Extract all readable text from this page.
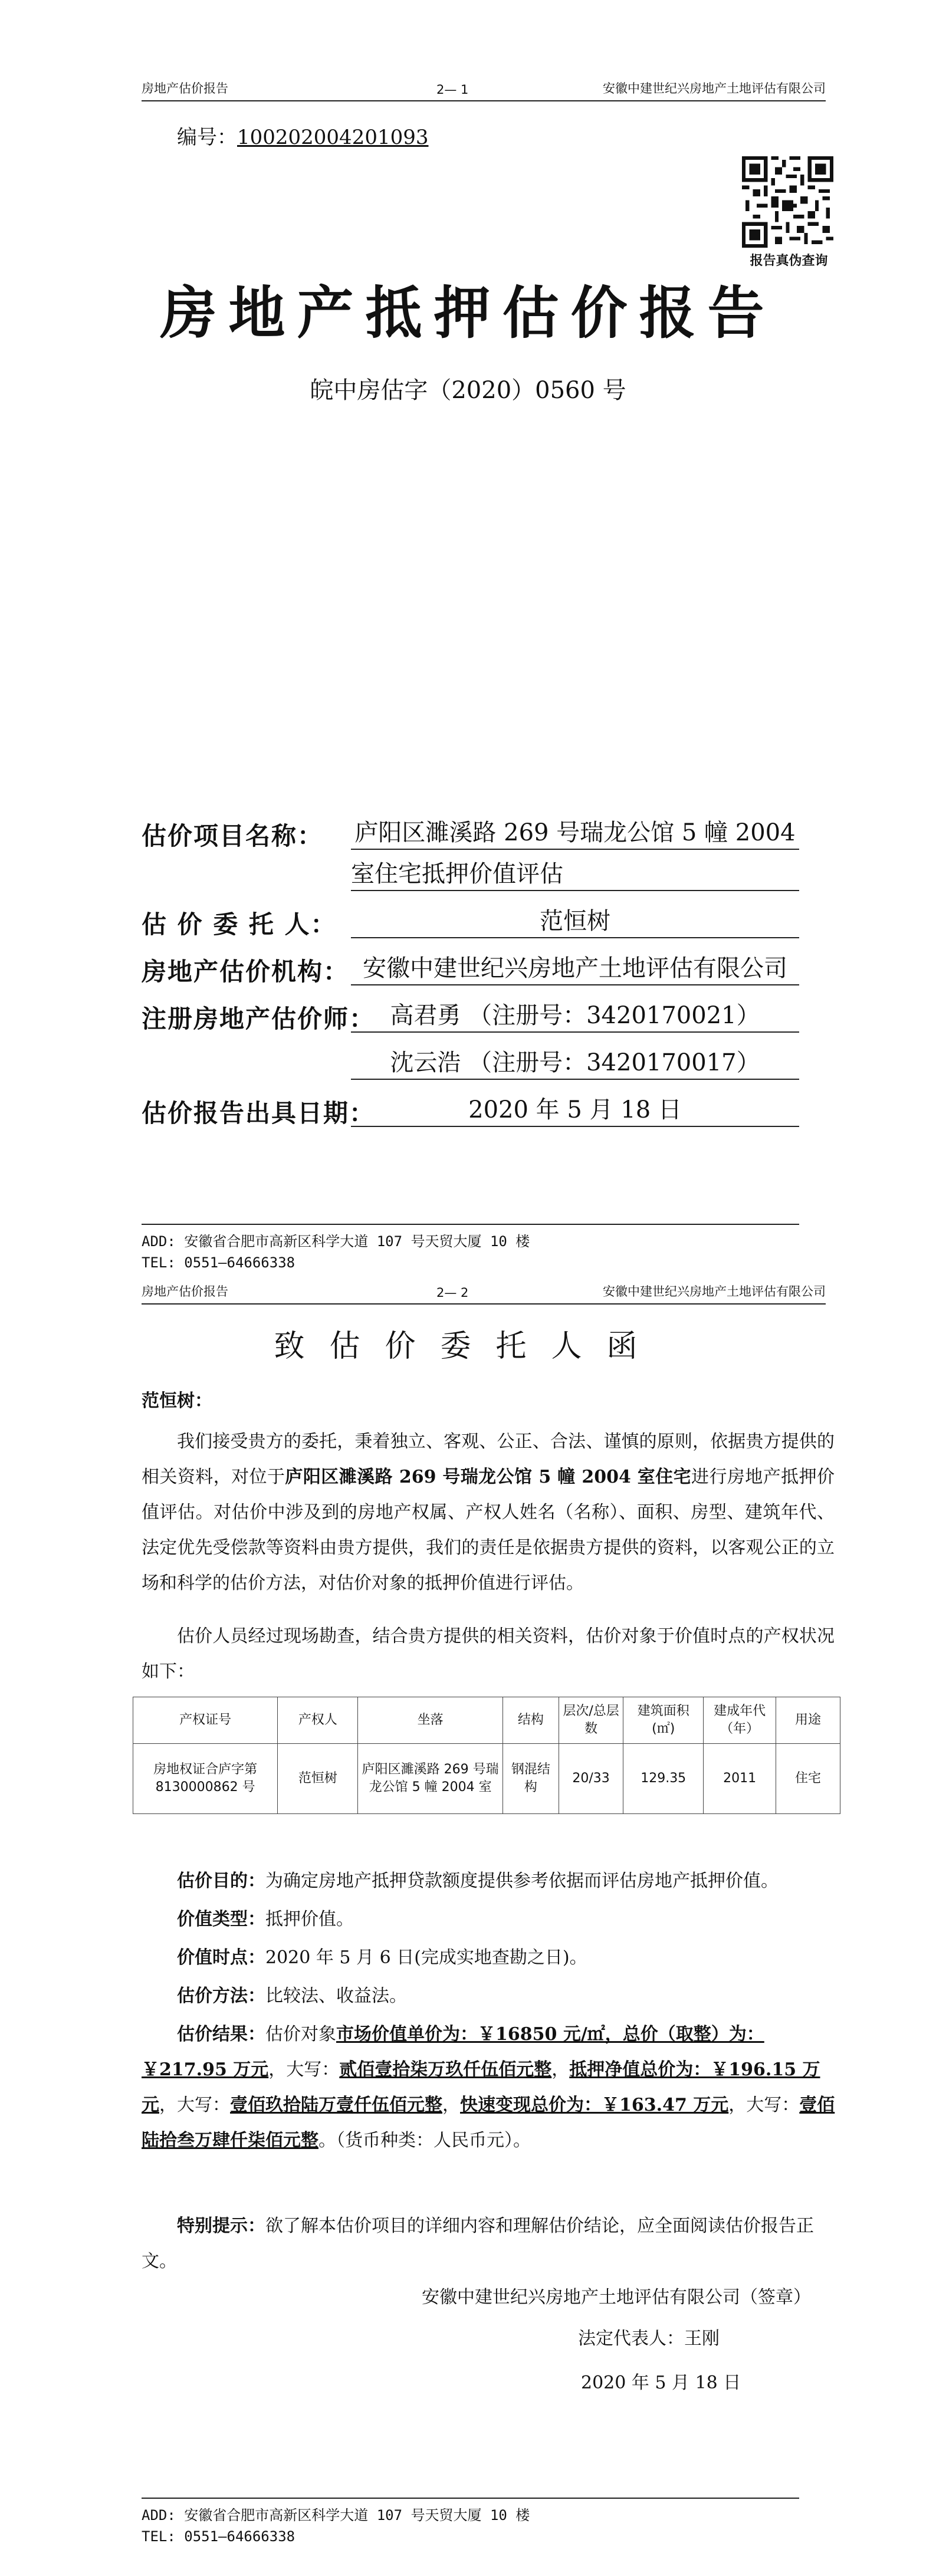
房地产估价报告	2— 1	安徽中建世纪兴房地产土地评估有限公司
编号：100202004201093
报告真伪查询
房地产抵押估价报告
皖中房估字（2020）0560 号
估价项目名称： 庐阳区濉溪路 269 号瑞龙公馆 5 幢 2004
室住宅抵押价值评估
估 价 委 托 人：	范恒树
房地产估价机构： 安徽中建世纪兴房地产土地评估有限公司
注册房地产估价师： 高君勇 （注册号：3420170021）
沈云浩 （注册号：3420170017）
估价报告出具日期：	2020 年 5 月 18 日
ADD: 安徽省合肥市高新区科学大道 107 号天贸大厦 10 楼
TEL: 0551—64666338
房地产估价报告	2— 2	安徽中建世纪兴房地产土地评估有限公司
致估价委托人函
范恒树：
我们接受贵方的委托，秉着独立、客观、公正、合法、谨慎的原则，依据贵方提供的相关资料，对位于庐阳区濉溪路 269 号瑞龙公馆 5 幢 2004 室住宅进行房地产抵押价值评估。对估价中涉及到的房地产权属、产权人姓名（名称）、面积、房型、建筑年代、法定优先受偿款等资料由贵方提供，我们的责任是依据贵方提供的资料，以客观公正的立场和科学的估价方法，对估价对象的抵押价值进行评估。
估价人员经过现场勘查，结合贵方提供的相关资料，估价对象于价值时点的产权状况如下：
产权证号	产权人	坐落	结构	层次/总层数	建筑面积(㎡)	建成年代（年）	用途
房地权证合庐字第 8130000862 号	范恒树	庐阳区濉溪路 269 号瑞龙公馆 5 幢 2004 室	钢混结构	20/33	129.35	2011	住宅
估价目的：为确定房地产抵押贷款额度提供参考依据而评估房地产抵押价值。
价值类型：抵押价值。
价值时点：2020 年 5 月 6 日(完成实地查勘之日)。
估价方法：比较法、收益法。
估价结果：估价对象市场价值单价为：￥16850 元/㎡，总价（取整）为：￥217.95 万元，大写：贰佰壹拾柒万玖仟伍佰元整，抵押净值总价为：￥196.15 万元，大写：壹佰玖拾陆万壹仟伍佰元整，快速变现总价为：￥163.47 万元，大写：壹佰陆拾叁万肆仟柒佰元整。（货币种类：人民币元）。
特别提示：欲了解本估价项目的详细内容和理解估价结论，应全面阅读估价报告正文。
安徽中建世纪兴房地产土地评估有限公司（签章）
法定代表人：王刚
2020 年 5 月 18 日
ADD: 安徽省合肥市高新区科学大道 107 号天贸大厦 10 楼
TEL: 0551—64666338
